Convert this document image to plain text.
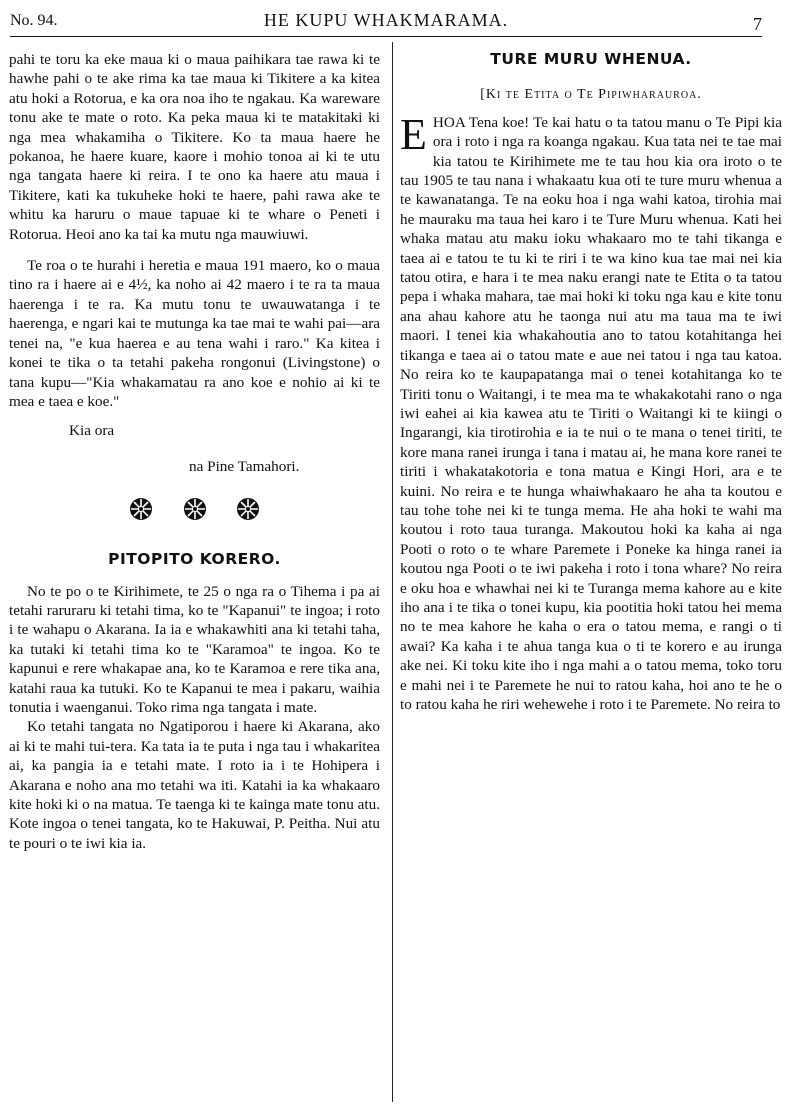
No. 94.	HE KUPU WHAKMARAMA.	7

pahi te toru ka eke maua ki o maua paihikara tae rawa ki te hawhe pahi o te ake rima ka tae maua ki Tikitere a ka kitea atu hoki a Rotorua, e ka ora noa iho te ngakau. Ka wareware tonu ake te mate o roto. Ka peka maua ki te matakitaki ki nga mea whakamiha o Tikitere. Ko ta maua haere he pokanoa, he haere kuare, kaore i mohio tonoa ai ki te utu nga tangata haere ki reira. I te ono ka haere atu maua i Tikitere, kati ka tukuheke hoki te haere, pahi rawa ake te whitu ka haruru o maue tapuae ki te whare o Peneti i Rotorua. Heoi ano ka tai ka mutu nga mauwiuwi.

Te roa o te hurahi i heretia e maua 191 maero, ko o maua tino ra i haere ai e 4½, ka noho ai 42 maero i te ra ta maua haerenga i te ra. Ka mutu tonu te uwauwatanga i te haerenga, e ngari kai te mutunga ka tae mai te wahi pai—ara tenei na, "e kua haerea e au tena wahi i raro." Ka kitea i konei te tika o ta tetahi pakeha rongonui (Livingstone) o tana kupu—"Kia whakamatau ra ano koe e nohio ai ki te mea e taea e koe."

Kia ora
na Pine Tamahori.

PITOPITO KORERO.

No te po o te Kirihimete, te 25 o nga ra o Tihema i pa ai tetahi raruraru ki tetahi tima, ko te "Kapanui" te ingoa; i roto i te wahapu o Akarana. Ia ia e whakawhiti ana ki tetahi taha, ka tutaki ki tetahi tima ko te "Karamoa" te ingoa. Ko te kapunui e rere whakapae ana, ko te Karamoa e rere tika ana, katahi raua ka tutuki. Ko te Kapanui te mea i pakaru, waihia tonutia i waenganui. Toko rima nga tangata i mate.

Ko tetahi tangata no Ngatiporou i haere ki Akarana, ako ai ki te mahi tui-tera. Ka tata ia te puta i nga tau i whakaritea ai, ka pangia ia e tetahi mate. I roto ia i te Hohipera i Akarana e noho ana mo tetahi wa iti. Katahi ia ka whakaaro kite hoki ki o na matua. Te taenga ki te kainga mate tonu atu. Kote ingoa o tenei tangata, ko te Hakuwai, P. Peitha. Nui atu te pouri o te iwi kia ia.

TURE MURU WHENUA.
[Ki te Etita o Te Pipiwharauroa.

EHOA Tena koe! Te kai hatu o ta tatou manu o Te Pipi kia ora i roto i nga ra koanga ngakau. Kua tata nei te tae mai kia tatou te Kirihimete me te tau hou kia ora iroto o te tau 1905 te tau nana i whakaatu kua oti te ture muru whenua a te kawanatanga. Te na eoku hoa i nga wahi katoa, tirohia mai he mauraku ma taua hei karo i te Ture Muru whenua. Kati hei whaka matau atu maku ioku whakaaro mo te tahi tikanga e taea ai e tatou te tu ki te riri i te wa kino kua tae mai nei kia tatou otira, e hara i te mea naku erangi nate te Etita o ta tatou pepa i whaka mahara, tae mai hoki ki toku nga kau e kite tonu ana ahau kahore atu he taonga nui atu ma taua ma te iwi maori. I tenei kia whakahoutia ano to tatou kotahitanga hei tikanga e taea ai o tatou mate e aue nei tatou i nga tau katoa. No reira ko te kaupapatanga mai o tenei kotahitanga ko te Tiriti tonu o Waitangi, i te mea ma te whakakotahi rano o nga iwi eahei ai kia kawea atu te Tiriti o Waitangi ki te kiingi o Ingarangi, kia tirotirohia e ia te nui o te mana o tenei tiriti, te kore mana ranei irunga i tana i matau ai, he mana kore ranei te tiriti i whakatakotoria e tona matua e Kingi Hori, ara e te kuini. No reira e te hunga whaiwhakaaro he aha ta koutou e tau tohe tohe nei ki te tunga mema. He aha hoki te wahi ma koutou i roto taua turanga. Makoutou hoki ka kaha ai nga Pooti o roto o te whare Paremete i Poneke ka hinga ranei ia koutou nga Pooti o te iwi pakeha i roto i tona whare? No reira e oku hoa e whawhai nei ki te Turanga mema kahore au e kite iho ana i te tika o tonei kupu, kia pootitia hoki tatou hei mema no te mea kahore he kaha o era o tatou mema, e rangi o ti awai? Ka kaha i te ahua tanga kua o ti te korero e au irunga ake nei. Ki toku kite iho i nga mahi a o tatou mema, toko toru e mahi nei i te Paremete he nui to ratou kaha, hoi ano te he o to ratou kaha he riri wehewehe i roto i te Paremete. No reira to
